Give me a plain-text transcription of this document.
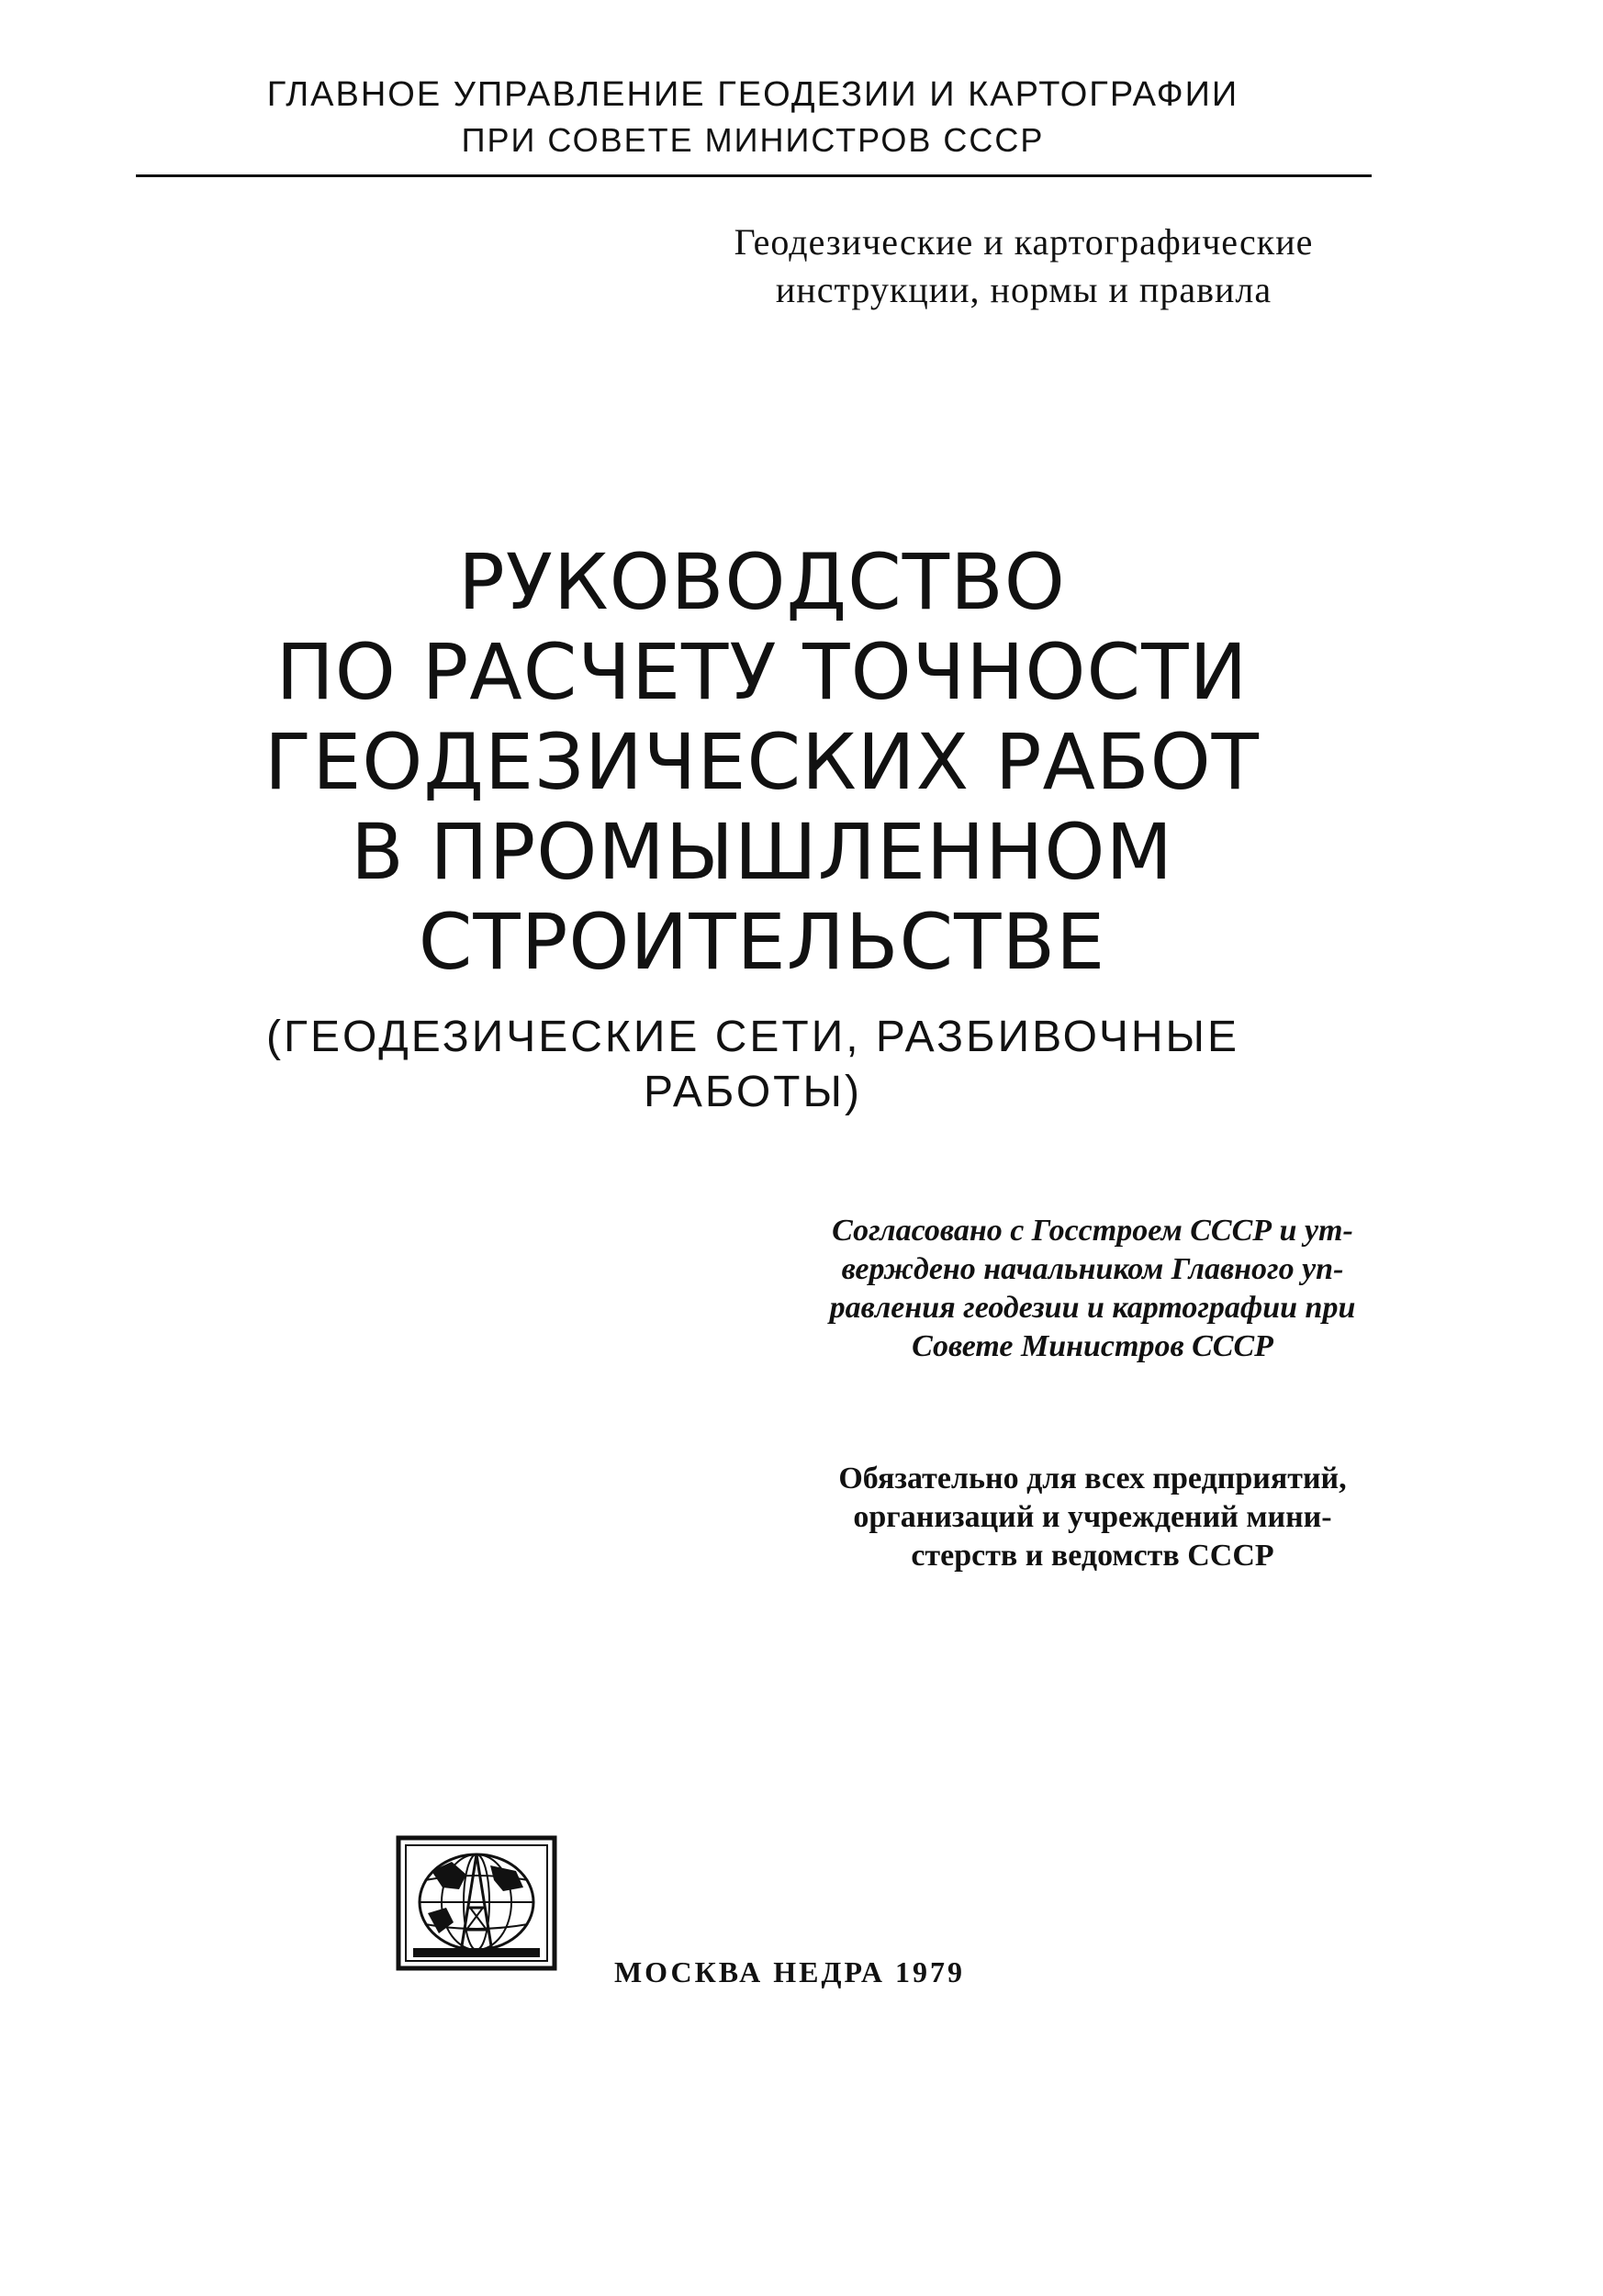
ГЛАВНОЕ УПРАВЛЕНИЕ ГЕОДЕЗИИ И КАРТОГРАФИИ
ПРИ СОВЕТЕ МИНИСТРОВ СССР
Геодезические и картографические
инструкции, нормы и правила
РУКОВОДСТВО
ПО РАСЧЕТУ ТОЧНОСТИ
ГЕОДЕЗИЧЕСКИХ РАБОТ
В ПРОМЫШЛЕННОМ
СТРОИТЕЛЬСТВЕ
(ГЕОДЕЗИЧЕСКИЕ СЕТИ, РАЗБИВОЧНЫЕ
РАБОТЫ)
Согласовано с Госстроем СССР и ут-
верждено начальником Главного уп-
равления геодезии и картографии при
Совете Министров СССР
Обязательно для всех предприятий,
организаций и учреждений мини-
стерств и ведомств СССР
МОСКВА НЕДРА 1979
